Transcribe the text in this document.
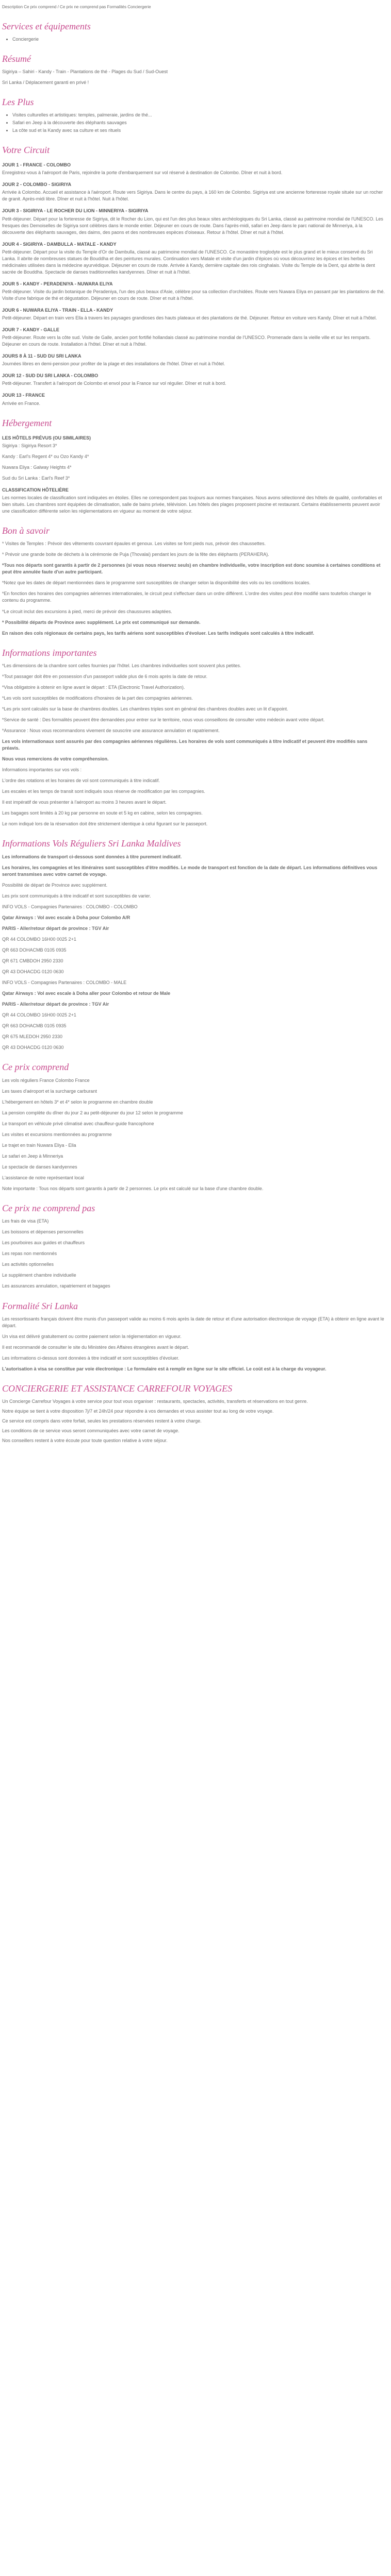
Description Ce prix comprend / Ce prix ne comprend pas Formalités Conciergerie

Services et équipements
• Conciergerie
Résumé

Sigiriya – Sahiri - Kandy - Train - Plantations de thé - Plages du Sud / Sud-Ouest

Sri Lanka / Déplacement garanti en privé !

Les Plus
• Visites culturelles et artistiques: temples, palmeraie, jardins de thé...
• Safari en Jeep à la découverte des éléphants sauvages
• La côte sud et la Kandy avec sa culture et ses rituels
Votre Circuit
JOUR 1 - FRANCE - COLOMBO

Enregistrez-vous à l'aéroport de Paris, rejoindre la porte d'embarquement sur vol réservé à destination de Colombo. Dîner et nuit à bord.

JOUR 2 - COLOMBO - SIGIRIYA

Arrivée à Colombo. Accueil et assistance à l'aéroport. Route vers Sigiriya. Dans le centre du pays, à 160 km de Colombo. Sigiriya est une ancienne forteresse royale située sur un rocher de granit. Après-midi libre. Dîner et nuit à l'hôtel. Nuit à l'hôtel.

JOUR 3 - SIGIRIYA - LE ROCHER DU LION - MINNERIYA - SIGIRIYA

Petit-déjeuner. Départ pour la forteresse de Sigiriya, dit le Rocher du Lion, qui est l'un des plus beaux sites archéologiques du Sri Lanka, classé au patrimoine mondial de l'UNESCO. Les fresques des Demoiselles de Sigiriya sont célèbres dans le monde entier. Déjeuner en cours de route. Dans l'après-midi, safari en Jeep dans le parc national de Minneriya, à la découverte des éléphants sauvages, des daims, des paons et des nombreuses espèces d'oiseaux. Retour à l'hôtel. Dîner et nuit à l'hôtel.

JOUR 4 - SIGIRIYA - DAMBULLA - MATALE - KANDY

Petit-déjeuner. Départ pour la visite du Temple d'Or de Dambulla, classé au patrimoine mondial de l'UNESCO. Ce monastère troglodyte est le plus grand et le mieux conservé du Sri Lanka. Il abrite de nombreuses statues de Bouddha et des peintures murales. Continuation vers Matale et visite d'un jardin d'épices où vous découvrirez les épices et les herbes médicinales utilisées dans la médecine ayurvédique. Déjeuner en cours de route. Arrivée à Kandy, dernière capitale des rois cinghalais. Visite du Temple de la Dent, qui abrite la dent sacrée de Bouddha. Spectacle de danses traditionnelles kandyennes. Dîner et nuit à l'hôtel.

JOUR 5 - KANDY - PERADENIYA - NUWARA ELIYA

Petit-déjeuner. Visite du jardin botanique de Peradeniya, l'un des plus beaux d'Asie, célèbre pour sa collection d'orchidées. Route vers Nuwara Eliya en passant par les plantations de thé. Visite d'une fabrique de thé et dégustation. Déjeuner en cours de route. Dîner et nuit à l'hôtel.

JOUR 6 - NUWARA ELIYA - TRAIN - ELLA - KANDY

Petit-déjeuner. Départ en train vers Ella à travers les paysages grandioses des hauts plateaux et des plantations de thé. Déjeuner. Retour en voiture vers Kandy. Dîner et nuit à l'hôtel.

JOUR 7 - KANDY - GALLE

Petit-déjeuner. Route vers la côte sud. Visite de Galle, ancien port fortifié hollandais classé au patrimoine mondial de l'UNESCO. Promenade dans la vieille ville et sur les remparts. Déjeuner en cours de route. Installation à l'hôtel. Dîner et nuit à l'hôtel.

JOURS 8 À 11 - SUD DU SRI LANKA

Journées libres en demi-pension pour profiter de la plage et des installations de l'hôtel. Dîner et nuit à l'hôtel.

JOUR 12 - SUD DU SRI LANKA - COLOMBO

Petit-déjeuner. Transfert à l'aéroport de Colombo et envol pour la France sur vol régulier. Dîner et nuit à bord.

JOUR 13 - FRANCE

Arrivée en France.

Hébergement
LES HÔTELS PRÉVUS (OU SIMILAIRES)

Sigiriya : Sigiriya Resort 3*

Kandy : Earl's Regent 4* ou Ozo Kandy 4*

Nuwara Eliya : Galway Heights 4*

Sud du Sri Lanka : Earl's Reef 3*

CLASSIFICATION HÔTELIÈRE

Les normes locales de classification sont indiquées en étoiles. Elles ne correspondent pas toujours aux normes françaises. Nous avons sélectionné des hôtels de qualité, confortables et bien situés. Les chambres sont équipées de climatisation, salle de bains privée, télévision. Les hôtels des plages proposent piscine et restaurant. Certains établissements peuvent avoir une classification différente selon les réglementations en vigueur au moment de votre séjour.

Bon à savoir

* Visites de Temples : Prévoir des vêtements couvrant épaules et genoux. Les visites se font pieds nus, prévoir des chaussettes.

* Prévoir une grande boite de déchets à la cérémonie de Puja (Thovalai) pendant les jours de la fête des éléphants (PERAHERA).

*Tous nos départs sont garantis à partir de 2 personnes (si vous nous réservez seuls) en chambre individuelle, votre inscription est donc soumise à certaines conditions et peut être annulée faute d'un autre participant.

*Notez que les dates de départ mentionnées dans le programme sont susceptibles de changer selon la disponibilité des vols ou les conditions locales.

*En fonction des horaires des compagnies aériennes internationales, le circuit peut s'effectuer dans un ordre différent. L'ordre des visites peut être modifié sans toutefois changer le contenu du programme.

*Le circuit inclut des excursions à pied, merci de prévoir des chaussures adaptées.

* Possibilité départs de Province avec supplément. Le prix est communiqué sur demande.

En raison des cols régionaux de certains pays, les tarifs aériens sont susceptibles d'évoluer. Les tarifs indiqués sont calculés à titre indicatif.

Informations importantes

*Les dimensions de la chambre sont celles fournies par l'hôtel. Les chambres individuelles sont souvent plus petites.

*Tout passager doit être en possession d'un passeport valide plus de 6 mois après la date de retour.

*Visa obligatoire à obtenir en ligne avant le départ : ETA (Electronic Travel Authorization).

*Les vols sont susceptibles de modifications d'horaires de la part des compagnies aériennes.

*Les prix sont calculés sur la base de chambres doubles. Les chambres triples sont en général des chambres doubles avec un lit d'appoint.

*Service de santé : Des formalités peuvent être demandées pour entrer sur le territoire, nous vous conseillons de consulter votre médecin avant votre départ.

*Assurance : Nous vous recommandons vivement de souscrire une assurance annulation et rapatriement.

Les vols internationaux sont assurés par des compagnies aériennes régulières. Les horaires de vols sont communiqués à titre indicatif et peuvent être modifiés sans préavis.

Nous vous remercions de votre compréhension.

Informations importantes sur vos vols :

L'ordre des rotations et les horaires de vol sont communiqués à titre indicatif.

Les escales et les temps de transit sont indiqués sous réserve de modification par les compagnies.

Il est impératif de vous présenter à l'aéroport au moins 3 heures avant le départ.

Les bagages sont limités à 20 kg par personne en soute et 5 kg en cabine, selon les compagnies.

Le nom indiqué lors de la réservation doit être strictement identique à celui figurant sur le passeport.

Informations Vols Réguliers Sri Lanka Maldives

Les informations de transport ci-dessous sont données à titre purement indicatif.

Les horaires, les compagnies et les itinéraires sont susceptibles d'être modifiés. Le mode de transport est fonction de la date de départ. Les informations définitives vous seront transmises avec votre carnet de voyage.

Possibilité de départ de Province avec supplément.

Les prix sont communiqués à titre indicatif et sont susceptibles de varier.

INFO VOLS - Compagnies Partenaires : COLOMBO - COLOMBO

Qatar Airways : Vol avec escale à Doha pour Colombo A/R

PARIS - Aller/retour départ de province : TGV Air

QR 44 COLOMBO 16H00 0025 2+1

QR 663 DOHACMB 0105 0935

QR 671 CMBDOH 2950 2330

QR 43 DOHACDG 0120 0630

INFO VOLS - Compagnies Partenaires : COLOMBO - MALE

Qatar Airways : Vol avec escale à Doha aller pour Colombo et retour de Male

PARIS - Aller/retour départ de province : TGV Air

QR 44 COLOMBO 16H00 0025 2+1

QR 663 DOHACMB 0105 0935

QR 675 MLEDOH 2950 2330

QR 43 DOHACDG 0120 0630

Ce prix comprend

Les vols réguliers France Colombo France

Les taxes d'aéroport et la surcharge carburant

L'hébergement en hôtels 3* et 4* selon le programme en chambre double

La pension complète du dîner du jour 2 au petit-déjeuner du jour 12 selon le programme

Le transport en véhicule privé climatisé avec chauffeur-guide francophone

Les visites et excursions mentionnées au programme

Le trajet en train Nuwara Eliya - Ella

Le safari en Jeep à Minneriya

Le spectacle de danses kandyennes

L'assistance de notre représentant local

Note importante : Tous nos départs sont garantis à partir de 2 personnes. Le prix est calculé sur la base d'une chambre double.

Ce prix ne comprend pas

Les frais de visa (ETA)

Les boissons et dépenses personnelles

Les pourboires aux guides et chauffeurs

Les repas non mentionnés

Les activités optionnelles

Le supplément chambre individuelle

Les assurances annulation, rapatriement et bagages

Formalité Sri Lanka

Les ressortissants français doivent être munis d'un passeport valide au moins 6 mois après la date de retour et d'une autorisation électronique de voyage (ETA) à obtenir en ligne avant le départ.

Un visa est délivré gratuitement ou contre paiement selon la réglementation en vigueur.

Il est recommandé de consulter le site du Ministère des Affaires étrangères avant le départ.

Les informations ci-dessus sont données à titre indicatif et sont susceptibles d'évoluer.

L'autorisation à visa se constitue par voie électronique : Le formulaire est à remplir en ligne sur le site officiel. Le coût est à la charge du voyageur.

CONCIERGERIE ET ASSISTANCE CARREFOUR VOYAGES

Un Concierge Carrefour Voyages à votre service pour tout vous organiser : restaurants, spectacles, activités, transferts et réservations en tout genre.

Notre équipe se tient à votre disposition 7j/7 et 24h/24 pour répondre à vos demandes et vous assister tout au long de votre voyage.

Ce service est compris dans votre forfait, seules les prestations réservées restent à votre charge.

Les conditions de ce service vous seront communiquées avec votre carnet de voyage.

Nos conseillers restent à votre écoute pour toute question relative à votre séjour.
